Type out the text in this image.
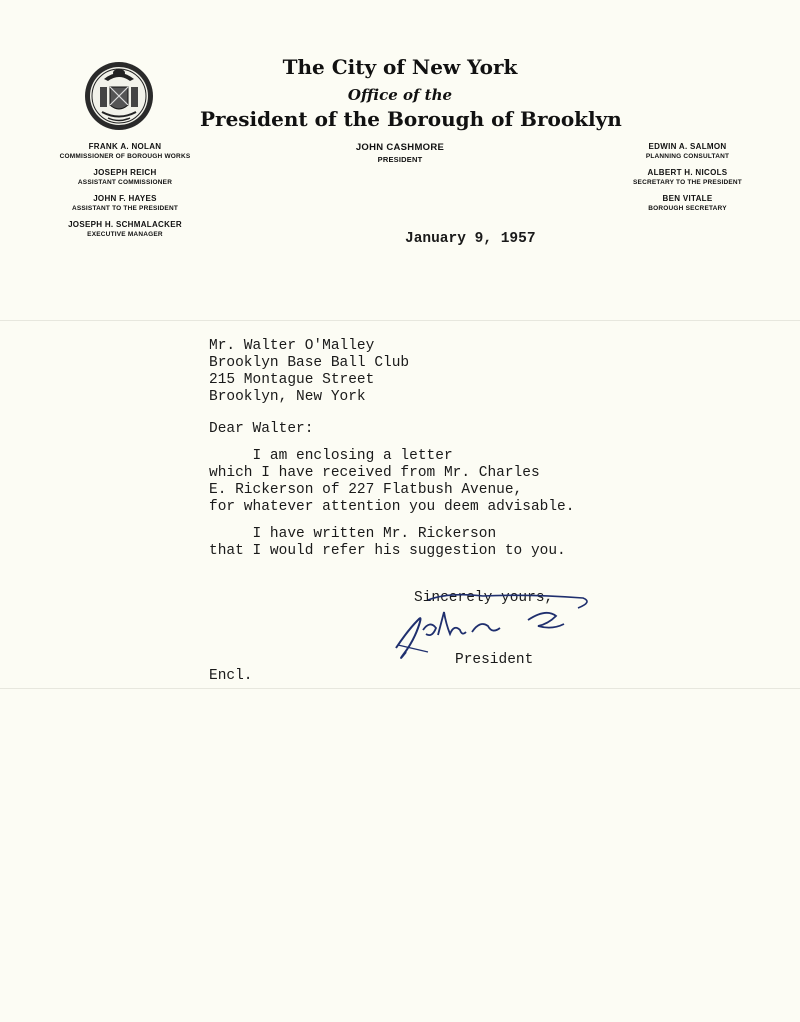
The City of New York
Office of the
President of the Borough of Brooklyn
FRANK A. NOLAN
COMMISSIONER OF BOROUGH WORKS
JOSEPH REICH
ASSISTANT COMMISSIONER
JOHN F. HAYES
ASSISTANT TO THE PRESIDENT
JOSEPH H. SCHMALACKER
EXECUTIVE MANAGER
JOHN CASHMORE
PRESIDENT
EDWIN A. SALMON
PLANNING CONSULTANT
ALBERT H. NICOLS
SECRETARY TO THE PRESIDENT
BEN VITALE
BOROUGH SECRETARY
January 9, 1957
Mr. Walter O'Malley
Brooklyn Base Ball Club
215 Montague Street
Brooklyn, New York
Dear Walter:
I am enclosing a letter
which I have received from Mr. Charles
E. Rickerson of 227 Flatbush Avenue,
for whatever attention you deem advisable.
I have written Mr. Rickerson
that I would refer his suggestion to you.
Sincerely yours,
President
Encl.
